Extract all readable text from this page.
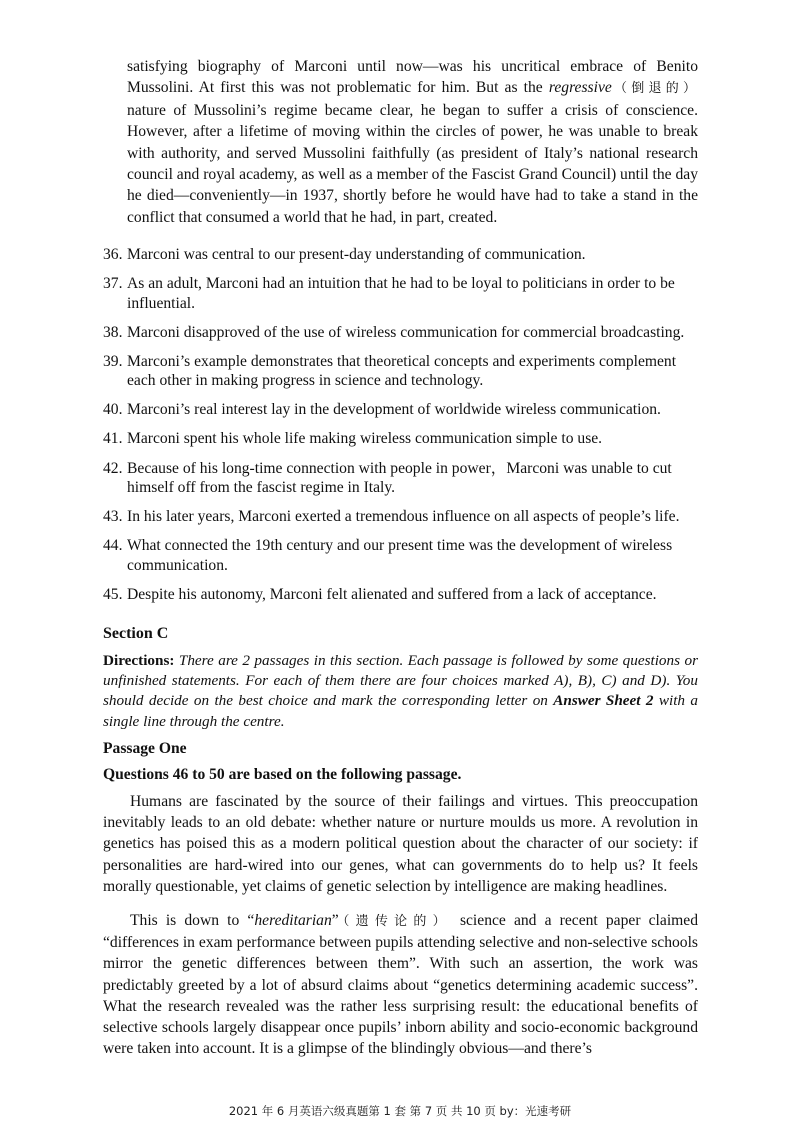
satisfying biography of Marconi until now—was his uncritical embrace of Benito Mussolini. At first this was not problematic for him. But as the regressive（倒退的） nature of Mussolini’s regime became clear, he began to suffer a crisis of conscience. However, after a lifetime of moving within the circles of power, he was unable to break with authority, and served Mussolini faithfully (as president of Italy’s national research council and royal academy, as well as a member of the Fascist Grand Council) until the day he died—conveniently—in 1937, shortly before he would have had to take a stand in the conflict that consumed a world that he had, in part, created.

36. Marconi was central to our present-day understanding of communication.
37. As an adult, Marconi had an intuition that he had to be loyal to politicians in order to be influential.
38. Marconi disapproved of the use of wireless communication for commercial broadcasting.
39. Marconi’s example demonstrates that theoretical concepts and experiments complement each other in making progress in science and technology.
40. Marconi’s real interest lay in the development of worldwide wireless communication.
41. Marconi spent his whole life making wireless communication simple to use.
42. Because of his long-time connection with people in power，Marconi was unable to cut himself off from the fascist regime in Italy.
43. In his later years, Marconi exerted a tremendous influence on all aspects of people’s life.
44. What connected the 19th century and our present time was the development of wireless communication.
45. Despite his autonomy, Marconi felt alienated and suffered from a lack of acceptance.
Section C

Directions: There are 2 passages in this section. Each passage is followed by some questions or unfinished statements. For each of them there are four choices marked A), B), C) and D). You should decide on the best choice and mark the corresponding letter on Answer Sheet 2 with a single line through the centre.

Passage One
Questions 46 to 50 are based on the following passage.

Humans are fascinated by the source of their failings and virtues. This preoccupation inevitably leads to an old debate: whether nature or nurture moulds us more. A revolution in genetics has poised this as a modern political question about the character of our society: if personalities are hard-wired into our genes, what can governments do to help us? It feels morally questionable, yet claims of genetic selection by intelligence are making headlines.

This is down to “hereditarian”（遗传论的） science and a recent paper claimed “differences in exam performance between pupils attending selective and non-selective schools mirror the genetic differences between them”. With such an assertion, the work was predictably greeted by a lot of absurd claims about “genetics determining academic success”. What the research revealed was the rather less surprising result: the educational benefits of selective schools largely disappear once pupils’ inborn ability and socio-economic background were taken into account. It is a glimpse of the blindingly obvious—and there’s

2021 年 6 月英语六级真题第 1 套 第 7 页 共 10 页 by：光速考研
